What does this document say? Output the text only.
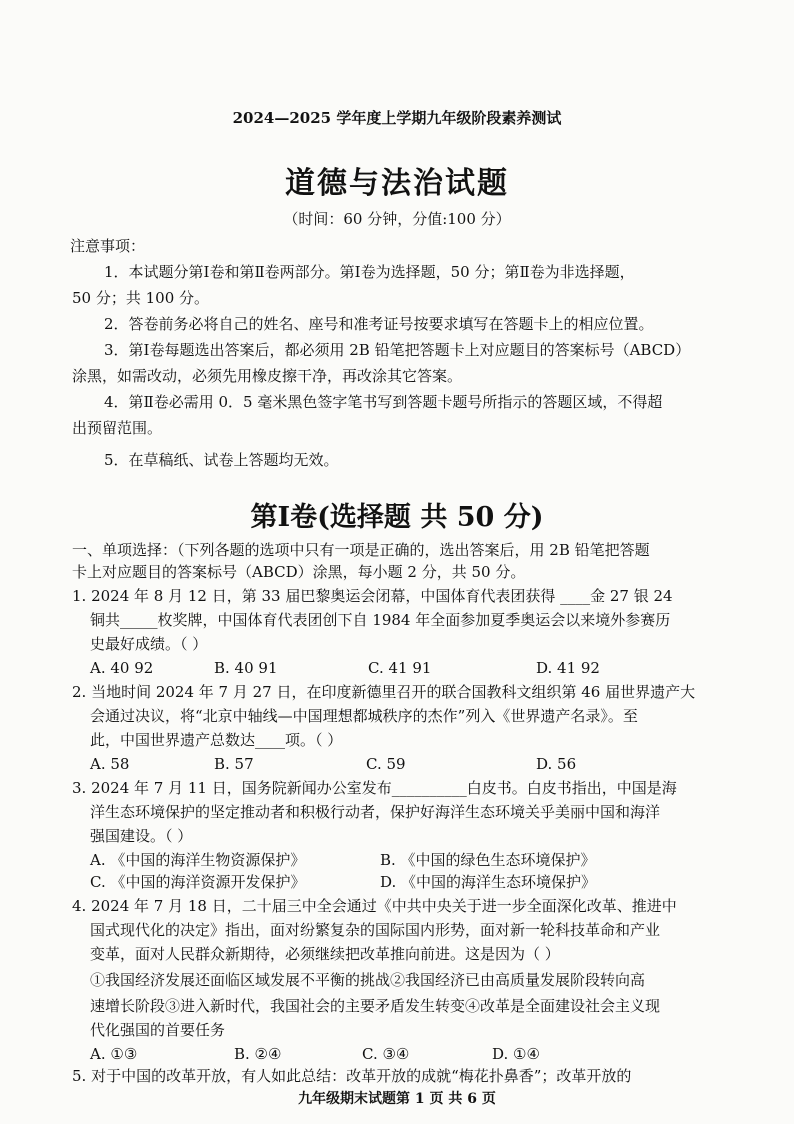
2024—2025 学年度上学期九年级阶段素养测试
道德与法治试题
（时间：60 分钟，分值:100 分）
注意事项：
1．本试题分第Ⅰ卷和第Ⅱ卷两部分。第Ⅰ卷为选择题，50 分；第Ⅱ卷为非选择题，
50 分；共 100 分。
2．答卷前务必将自己的姓名、座号和准考证号按要求填写在答题卡上的相应位置。
3．第Ⅰ卷每题选出答案后，都必须用 2B 铅笔把答题卡上对应题目的答案标号（ABCD）
涂黑，如需改动，必须先用橡皮擦干净，再改涂其它答案。
4．第Ⅱ卷必需用 0．5 毫米黑色签字笔书写到答题卡题号所指示的答题区域，不得超
出预留范围。
5．在草稿纸、试卷上答题均无效。
第Ⅰ卷(选择题 共 50 分)
一、单项选择：（下列各题的选项中只有一项是正确的，选出答案后，用 2B 铅笔把答题
卡上对应题目的答案标号（ABCD）涂黑，每小题 2 分，共 50 分。
1. 2024 年 8 月 12 日，第 33 届巴黎奥运会闭幕，中国体育代表团获得 ____金 27 银 24
铜共_____枚奖牌，中国体育代表团创下自 1984 年全面参加夏季奥运会以来境外参赛历
史最好成绩。（ ）
A. 40 92	B. 40 91	C. 41 91	D. 41 92
2. 当地时间 2024 年 7 月 27 日，在印度新德里召开的联合国教科文组织第 46 届世界遗产大
会通过决议，将“北京中轴线—中国理想都城秩序的杰作”列入《世界遗产名录》。至
此，中国世界遗产总数达____项。（ ）
A. 58	B. 57	C. 59	D. 56
3. 2024 年 7 月 11 日，国务院新闻办公室发布__________白皮书。白皮书指出，中国是海
洋生态环境保护的坚定推动者和积极行动者，保护好海洋生态环境关乎美丽中国和海洋
强国建设。（ ）
A. 《中国的海洋生物资源保护》	B. 《中国的绿色生态环境保护》
C. 《中国的海洋资源开发保护》	D. 《中国的海洋生态环境保护》
4. 2024 年 7 月 18 日，二十届三中全会通过《中共中央关于进一步全面深化改革、推进中
国式现代化的决定》指出，面对纷繁复杂的国际国内形势，面对新一轮科技革命和产业
变革，面对人民群众新期待，必须继续把改革推向前进。这是因为（ ）
①我国经济发展还面临区域发展不平衡的挑战②我国经济已由高质量发展阶段转向高
速增长阶段③进入新时代，我国社会的主要矛盾发生转变④改革是全面建设社会主义现
代化强国的首要任务
A. ①③	B. ②④	C. ③④	D. ①④
5. 对于中国的改革开放，有人如此总结：改革开放的成就“梅花扑鼻香”；改革开放的
九年级期末试题第 1 页 共 6 页
